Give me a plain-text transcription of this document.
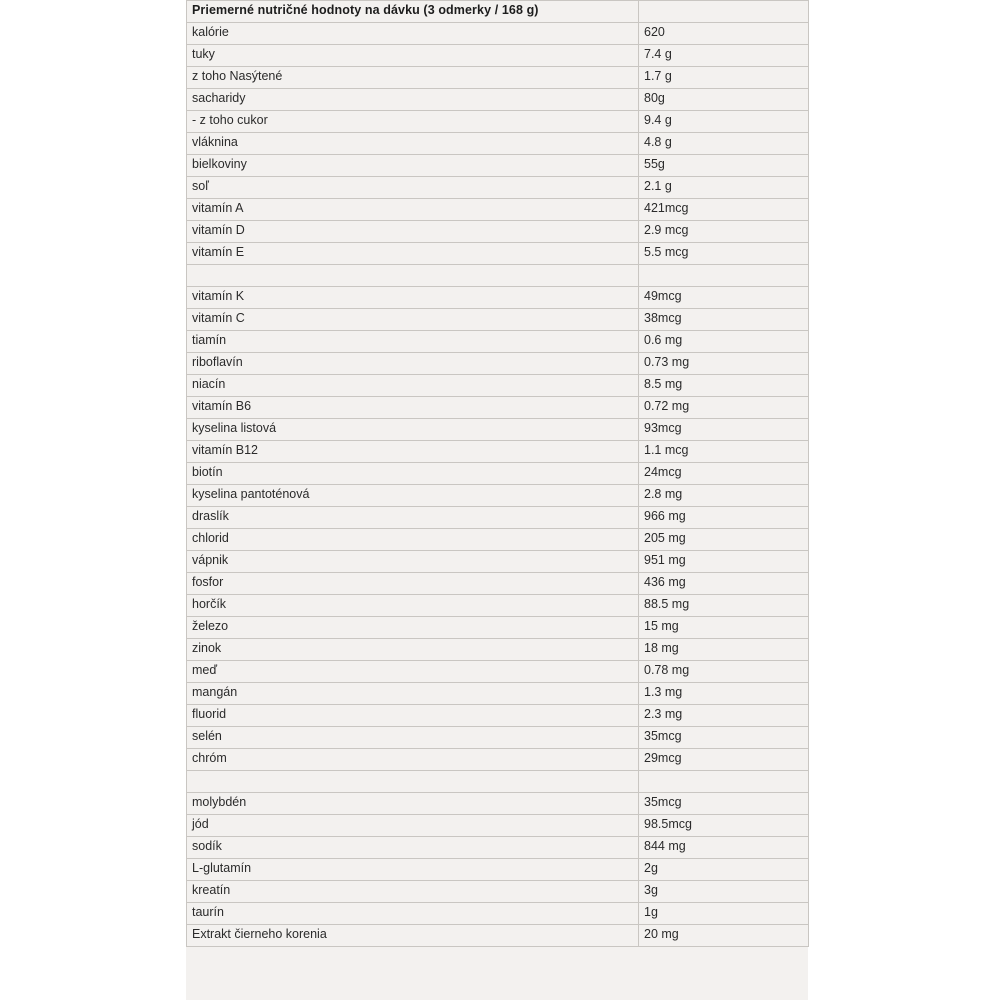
Priemerné nutričné hodnoty na dávku (3 odmerky / 168 g)	
kalórie	620
tuky	7.4 g
z toho Nasýtené	1.7 g
sacharidy	80g
- z toho cukor	9.4 g
vláknina	4.8 g
bielkoviny	55g
soľ	2.1 g
vitamín A	421mcg
vitamín D	2.9 mcg
vitamín E	5.5 mcg

vitamín K	49mcg
vitamín C	38mcg
tiamín	0.6 mg
riboflavín	0.73 mg
niacín	8.5 mg
vitamín B6	0.72 mg
kyselina listová	93mcg
vitamín B12	1.1 mcg
biotín	24mcg
kyselina pantoténová	2.8 mg
draslík	966 mg
chlorid	205 mg
vápnik	951 mg
fosfor	436 mg
horčík	88.5 mg
železo	15 mg
zinok	18 mg
meď	0.78 mg
mangán	1.3 mg
fluorid	2.3 mg
selén	35mcg
chróm	29mcg

molybdén	35mcg
jód	98.5mcg
sodík	844 mg
L-glutamín	2g
kreatín	3g
taurín	1g
Extrakt čierneho korenia	20 mg
